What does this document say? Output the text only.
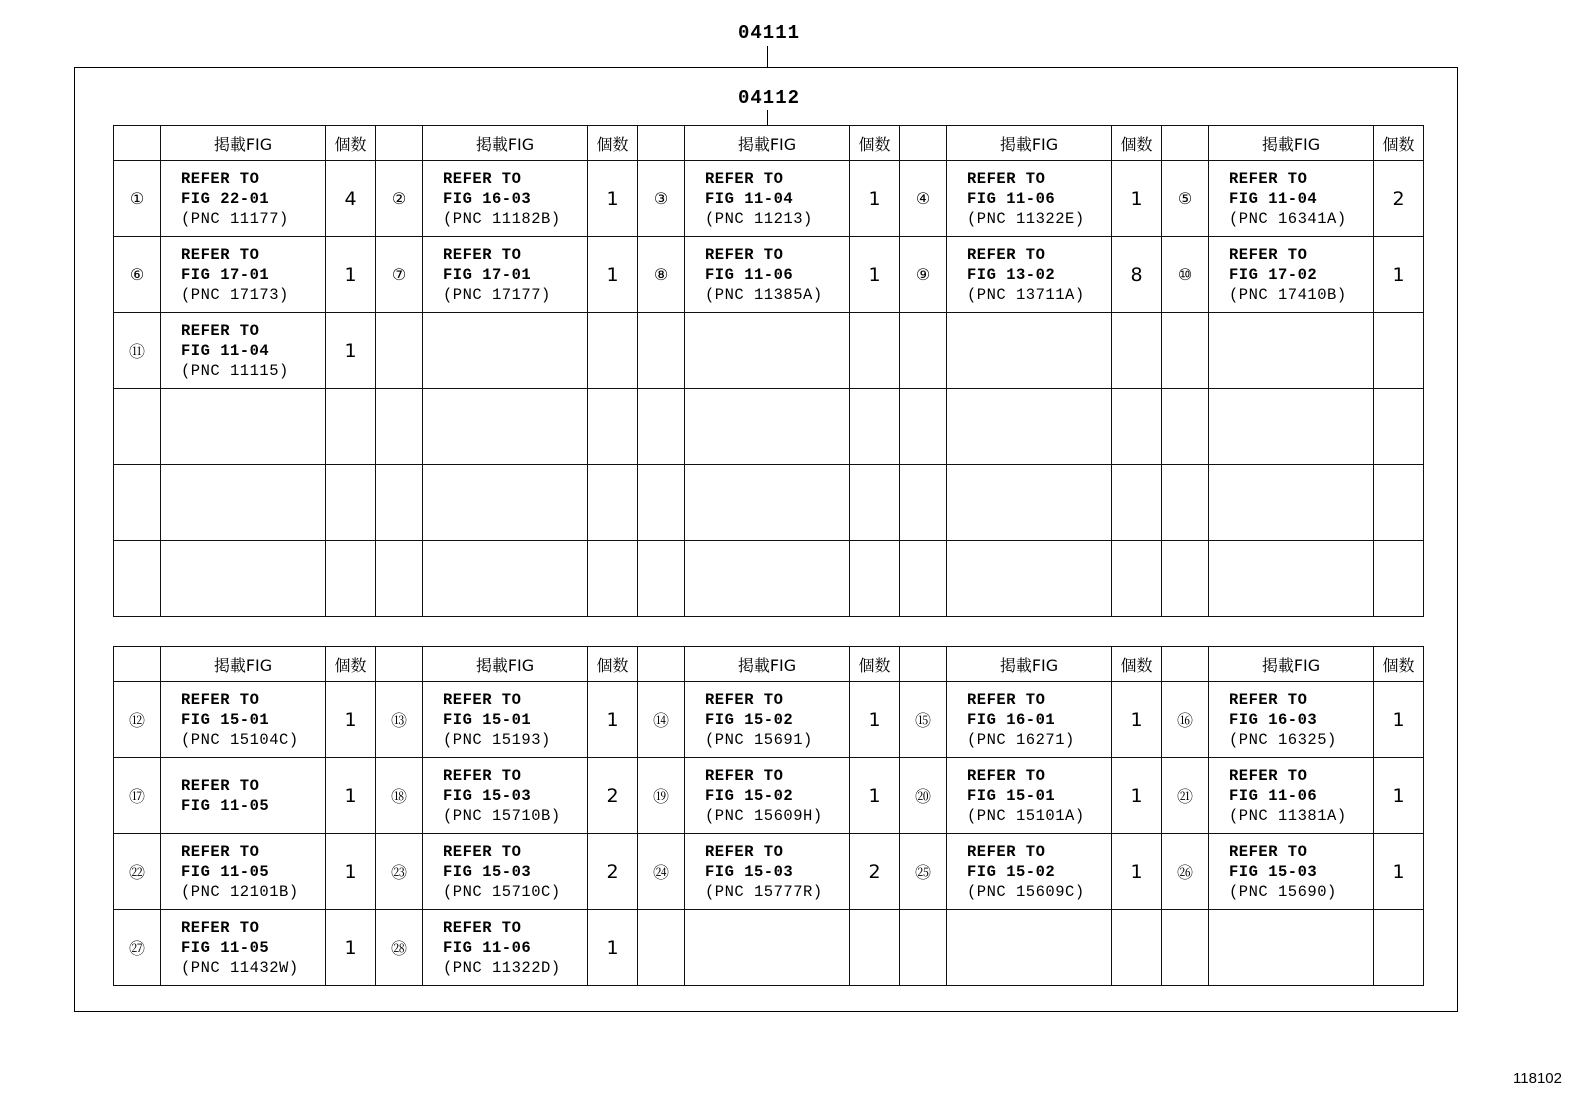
04111
04112
	掲載FIG	個数		掲載FIG	個数		掲載FIG	個数		掲載FIG	個数		掲載FIG	個数
①	REFER TO
FIG 22-01
(PNC 11177)	4	②	REFER TO
FIG 16-03
(PNC 11182B)	1	③	REFER TO
FIG 11-04
(PNC 11213)	1	④	REFER TO
FIG 11-06
(PNC 11322E)	1	⑤	REFER TO
FIG 11-04
(PNC 16341A)	2
⑥	REFER TO
FIG 17-01
(PNC 17173)	1	⑦	REFER TO
FIG 17-01
(PNC 17177)	1	⑧	REFER TO
FIG 11-06
(PNC 11385A)	1	⑨	REFER TO
FIG 13-02
(PNC 13711A)	8	⑩	REFER TO
FIG 17-02
(PNC 17410B)	1
⑪	REFER TO
FIG 11-04
(PNC 11115)	1												

	掲載FIG	個数		掲載FIG	個数		掲載FIG	個数		掲載FIG	個数		掲載FIG	個数
⑫	REFER TO
FIG 15-01
(PNC 15104C)	1	⑬	REFER TO
FIG 15-01
(PNC 15193)	1	⑭	REFER TO
FIG 15-02
(PNC 15691)	1	⑮	REFER TO
FIG 16-01
(PNC 16271)	1	⑯	REFER TO
FIG 16-03
(PNC 16325)	1
⑰	REFER TO
FIG 11-05	1	⑱	REFER TO
FIG 15-03
(PNC 15710B)	2	⑲	REFER TO
FIG 15-02
(PNC 15609H)	1	⑳	REFER TO
FIG 15-01
(PNC 15101A)	1	㉑	REFER TO
FIG 11-06
(PNC 11381A)	1
㉒	REFER TO
FIG 11-05
(PNC 12101B)	1	㉓	REFER TO
FIG 15-03
(PNC 15710C)	2	㉔	REFER TO
FIG 15-03
(PNC 15777R)	2	㉕	REFER TO
FIG 15-02
(PNC 15609C)	1	㉖	REFER TO
FIG 15-03
(PNC 15690)	1
㉗	REFER TO
FIG 11-05
(PNC 11432W)	1	㉘	REFER TO
FIG 11-06
(PNC 11322D)	1									
118102
